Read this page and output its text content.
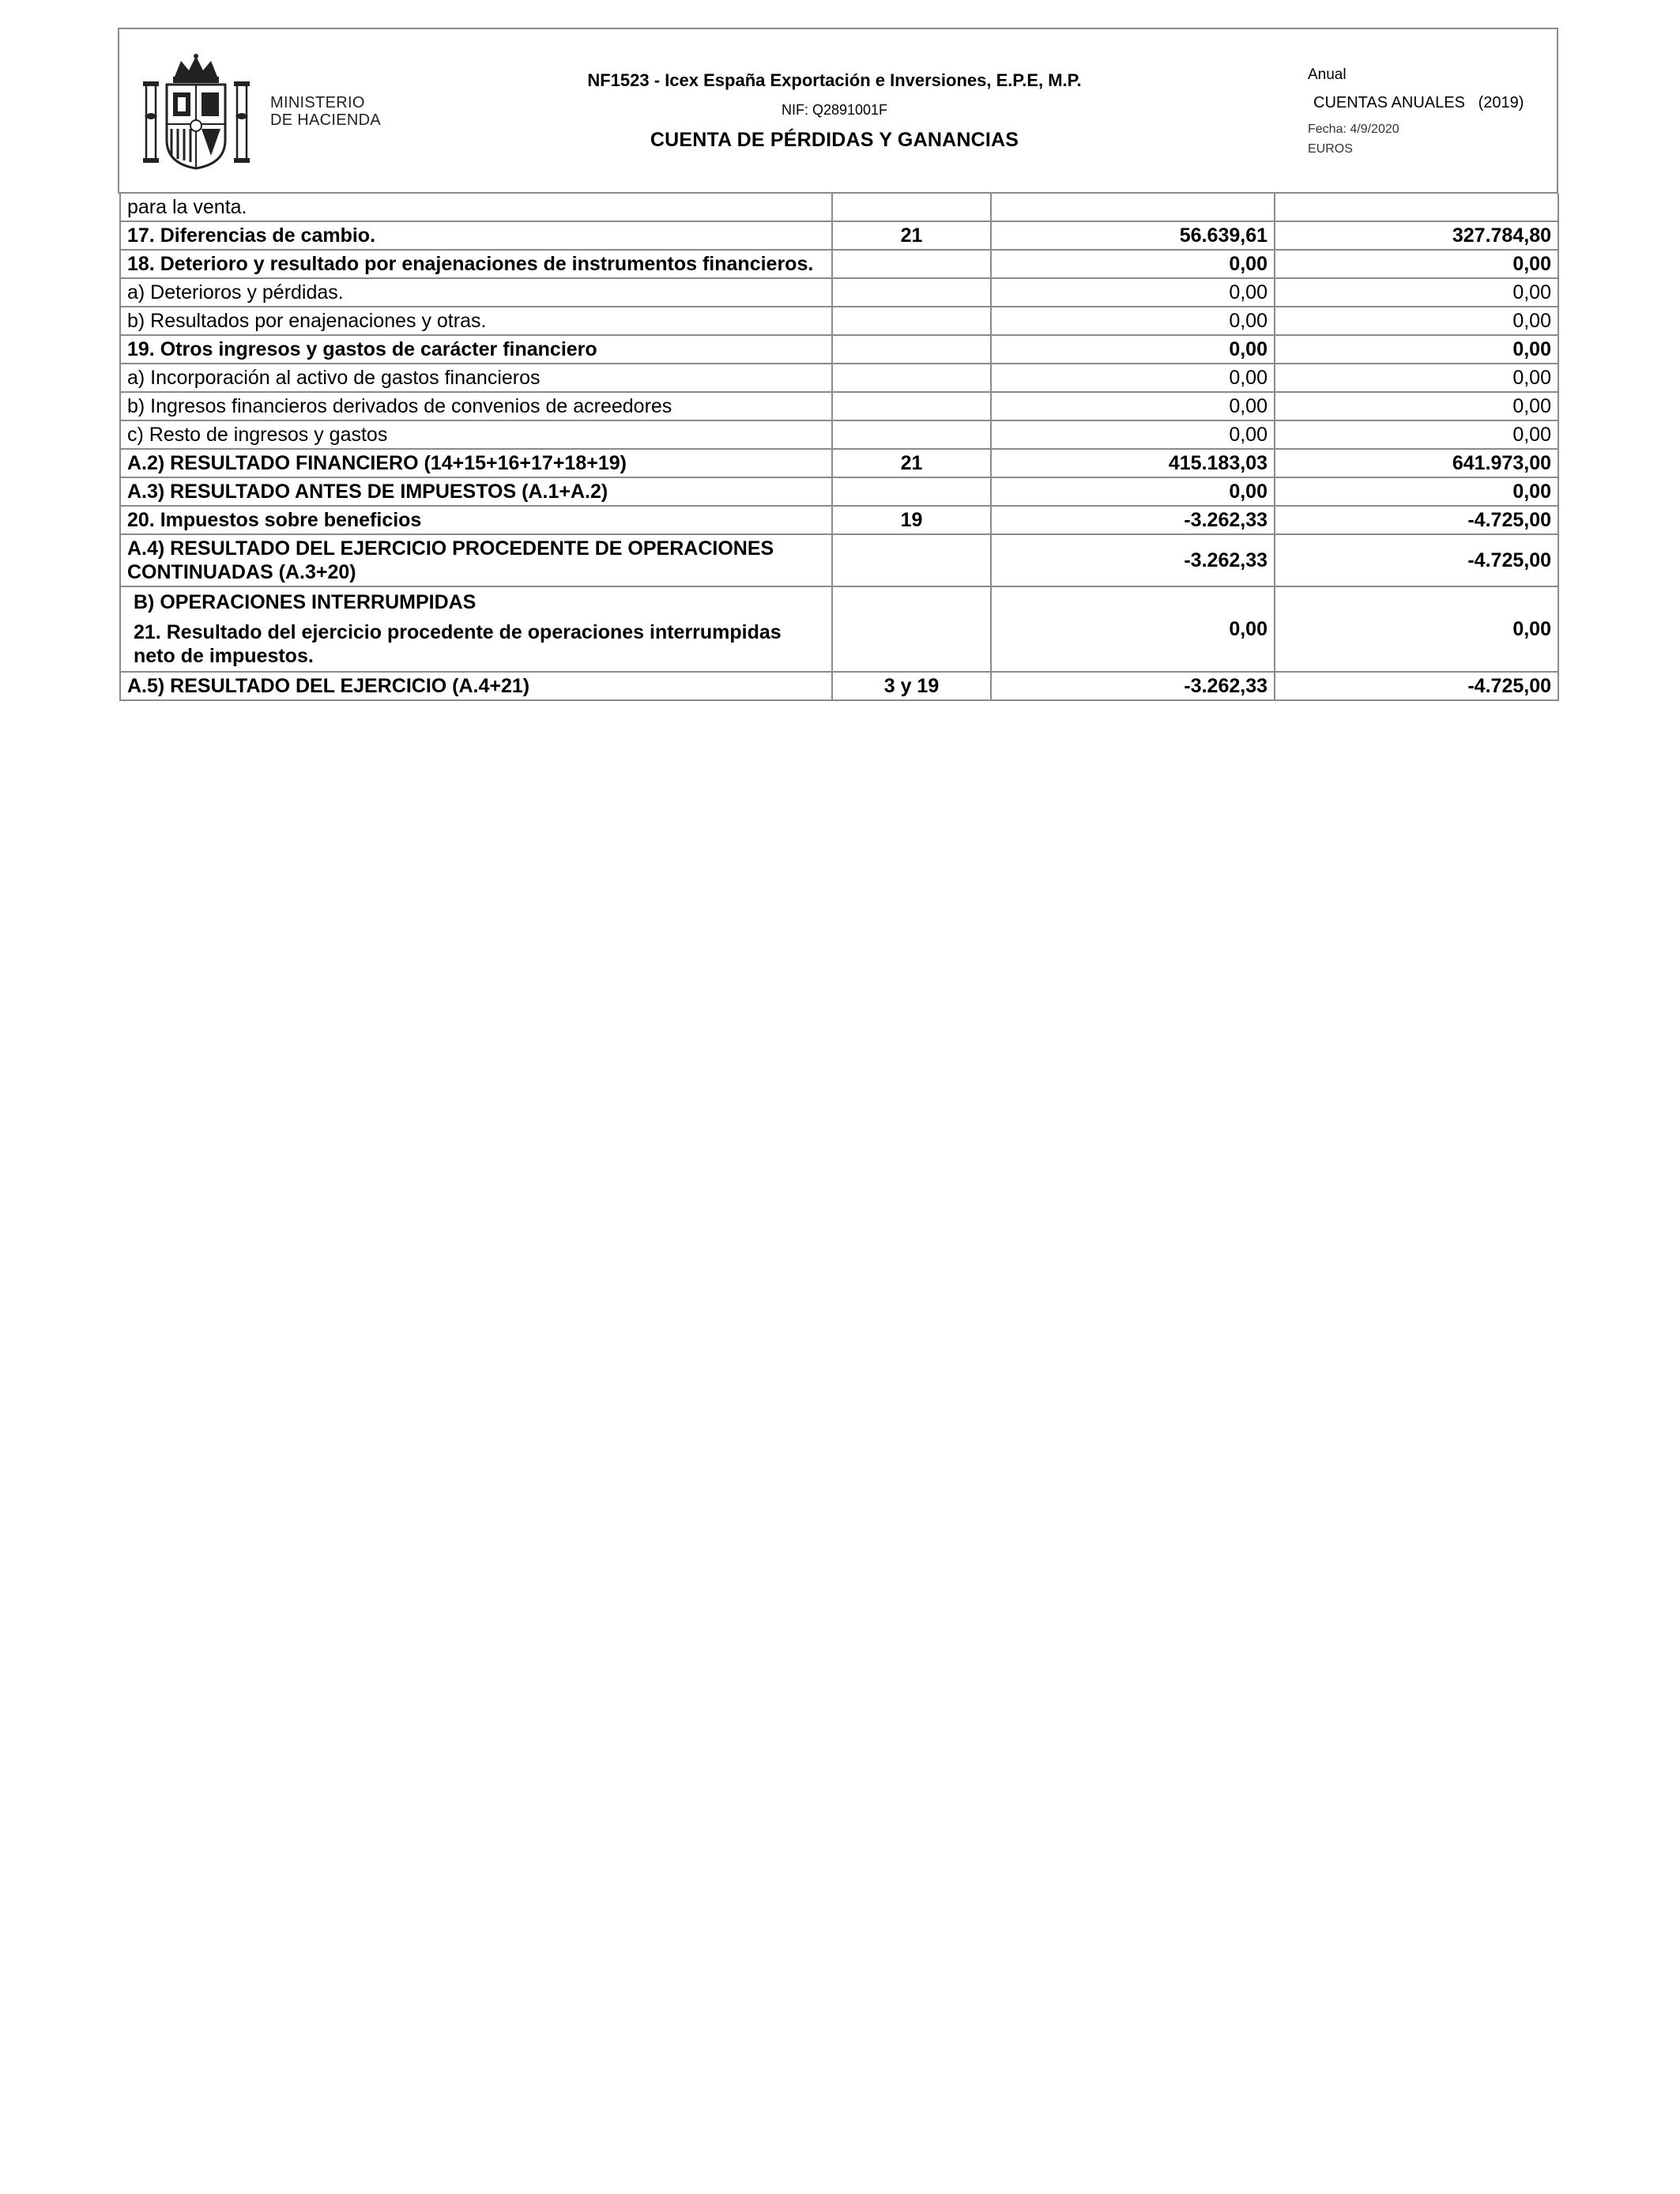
MINISTERIO
DE HACIENDA
NF1523 - Icex España Exportación e Inversiones, E.P.E, M.P.
NIF: Q2891001F
CUENTA DE PÉRDIDAS Y GANANCIAS
Anual
CUENTAS ANUALES   (2019)
Fecha: 4/9/2020
EUROS
para la venta.			
17. Diferencias de cambio.	21	56.639,61	327.784,80
18. Deterioro y resultado por enajenaciones de instrumentos financieros.		0,00	0,00
a) Deterioros y pérdidas.		0,00	0,00
b) Resultados por enajenaciones y otras.		0,00	0,00
19. Otros ingresos y gastos de carácter financiero		0,00	0,00
a) Incorporación al activo de gastos financieros		0,00	0,00
b) Ingresos financieros derivados de convenios de acreedores		0,00	0,00
c) Resto de ingresos y gastos		0,00	0,00
A.2) RESULTADO FINANCIERO (14+15+16+17+18+19)	21	415.183,03	641.973,00
A.3) RESULTADO ANTES DE IMPUESTOS (A.1+A.2)		0,00	0,00
20. Impuestos sobre beneficios	19	-3.262,33	-4.725,00
A.4) RESULTADO DEL EJERCICIO PROCEDENTE DE OPERACIONES CONTINUADAS (A.3+20)		-3.262,33	-4.725,00

B) OPERACIONES INTERRUMPIDAS
21. Resultado del ejercicio procedente de operaciones interrumpidas neto de impuestos.		0,00	0,00
A.5) RESULTADO DEL EJERCICIO (A.4+21)	3 y 19	-3.262,33	-4.725,00
